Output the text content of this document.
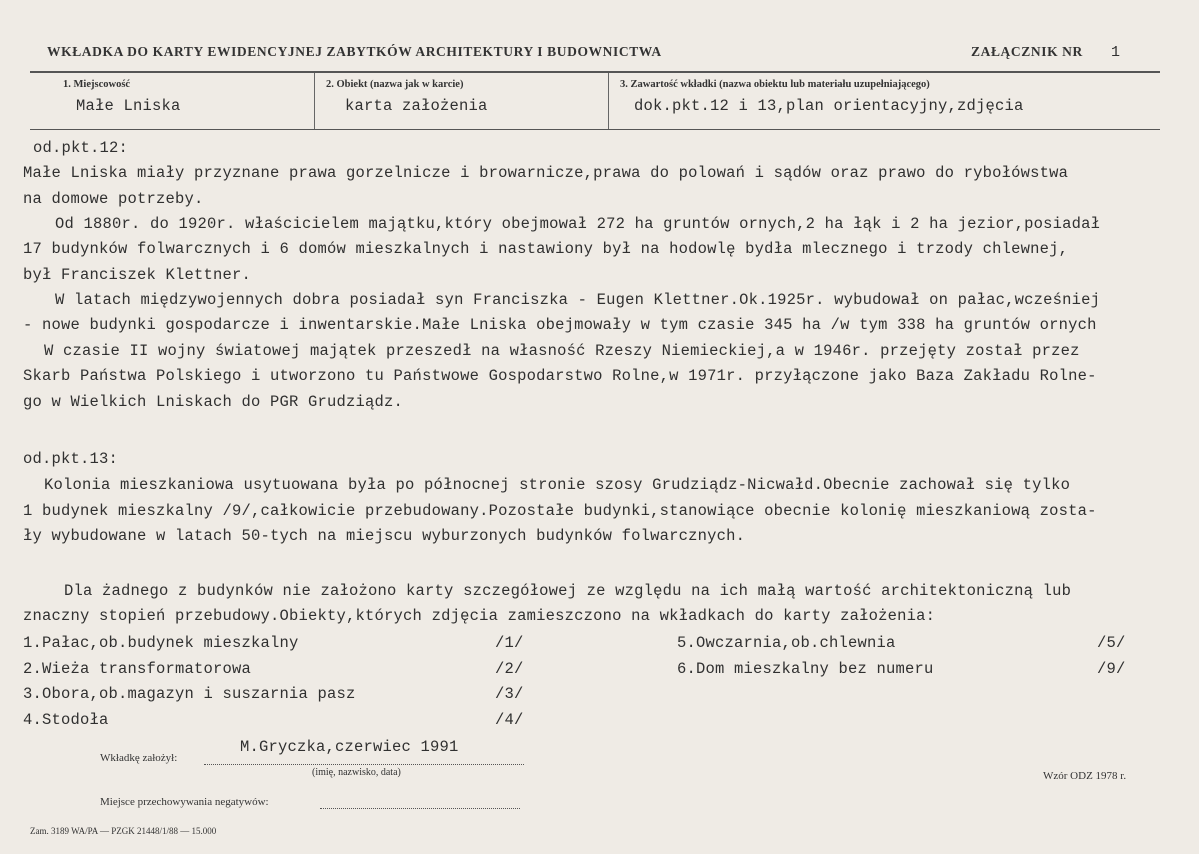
WKŁADKA DO KARTY EWIDENCYJNEJ ZABYTKÓW ARCHITEKTURY I BUDOWNICTWA	ZAŁĄCZNIK NR 1
1. Miejscowość
Małe Lniska
2. Obiekt (nazwa jak w karcie)
karta założenia
3. Zawartość wkładki (nazwa obiektu lub materiału uzupełniającego)
dok.pkt.12 i 13,plan orientacyjny,zdjęcia
od.pkt.12:
Małe Lniska miały przyznane prawa gorzelnicze i browarnicze,prawa do polowań i sądów oraz prawo do rybołówstwa
na domowe potrzeby.
Od 1880r. do 1920r. właścicielem majątku,który obejmował 272 ha gruntów ornych,2 ha łąk i 2 ha jezior,posiadał
17 budynków folwarcznych i 6 domów mieszkalnych i nastawiony był na hodowlę bydła mlecznego i trzody chlewnej,
był Franciszek Klettner.
W latach międzywojennych dobra posiadał syn Franciszka - Eugen Klettner.Ok.1925r. wybudował on pałac,wcześniej
- nowe budynki gospodarcze i inwentarskie.Małe Lniska obejmowały w tym czasie 345 ha /w tym 338 ha gruntów ornych
W czasie II wojny światowej majątek przeszedł na własność Rzeszy Niemieckiej,a w 1946r. przejęty został przez
Skarb Państwa Polskiego i utworzono tu Państwowe Gospodarstwo Rolne,w 1971r. przyłączone jako Baza Zakładu Rolne-
go w Wielkich Lniskach do PGR Grudziądz.
od.pkt.13:
Kolonia mieszkaniowa usytuowana była po północnej stronie szosy Grudziądz-Nicwałd.Obecnie zachował się tylko
1 budynek mieszkalny /9/,całkowicie przebudowany.Pozostałe budynki,stanowiące obecnie kolonię mieszkaniową zosta-
ły wybudowane w latach 50-tych na miejscu wyburzonych budynków folwarcznych.
Dla żadnego z budynków nie założono karty szczegółowej ze względu na ich małą wartość architektoniczną lub
znaczny stopień przebudowy.Obiekty,których zdjęcia zamieszczono na wkładkach do karty założenia:
1.Pałac,ob.budynek mieszkalny	/1/
2.Wieża transformatorowa	/2/
3.Obora,ob.magazyn i suszarnia pasz	/3/
4.Stodoła	/4/
5.Owczarnia,ob.chlewnia	/5/
6.Dom mieszkalny bez numeru	/9/
Wkładkę założył:
M.Gryczka,czerwiec 1991
(imię, nazwisko, data)	Wzór ODZ 1978 r.
Miejsce przechowywania negatywów:
Zam. 3189 WA/PA — PZGK 21448/1/88 — 15.000
